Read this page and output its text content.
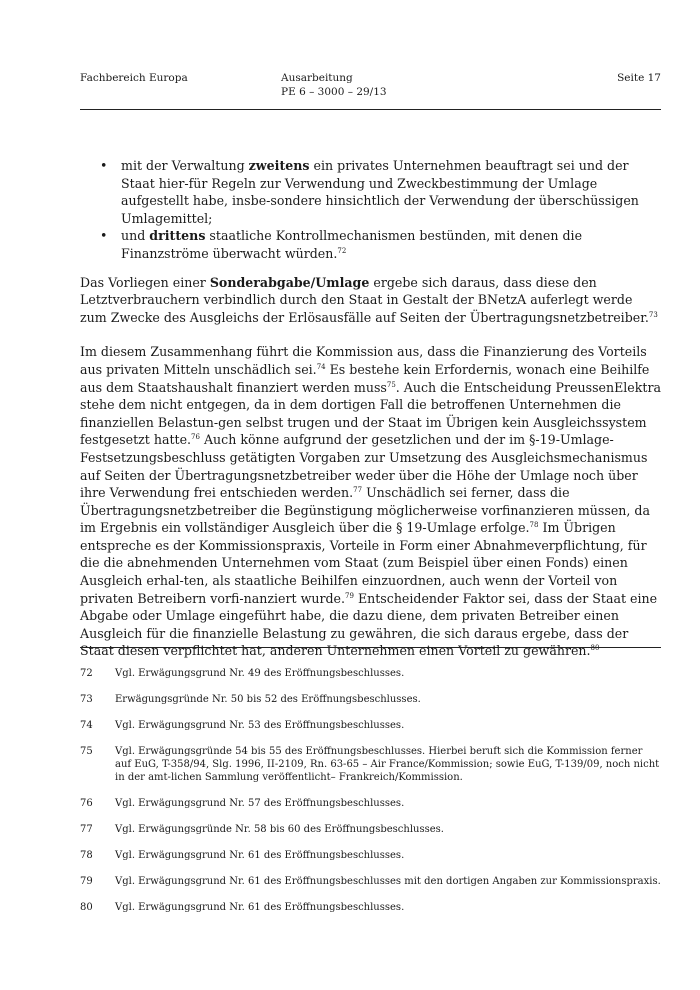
Fachbereich Europa	Ausarbeitung
PE 6 – 3000 – 29/13
Seite 17
• mit der Verwaltung zweitens ein privates Unternehmen beauftragt sei und der Staat hier-für Regeln zur Verwendung und Zweckbestimmung der Umlage aufgestellt habe, insbe-sondere hinsichtlich der Verwendung der überschüssigen Umlagemittel;
• und drittens staatliche Kontrollmechanismen bestünden, mit denen die Finanzströme überwacht würden.$^{72}$

Das Vorliegen einer Sonderabgabe/Umlage ergebe sich daraus, dass diese den Letztverbrauchern verbindlich durch den Staat in Gestalt der BNetzA auferlegt werde zum Zwecke des Ausgleichs der Erlösausfälle auf Seiten der Übertragungsnetzbetreiber.$^{73}$

Im diesem Zusammenhang führt die Kommission aus, dass die Finanzierung des Vorteils aus privaten Mitteln unschädlich sei.$^{74}$ Es bestehe kein Erfordernis, wonach eine Beihilfe aus dem Staatshaushalt finanziert werden muss$^{75}$. Auch die Entscheidung PreussenElektra stehe dem nicht entgegen, da in dem dortigen Fall die betroffenen Unternehmen die finanziellen Belastun-gen selbst trugen und der Staat im Übrigen kein Ausgleichssystem festgesetzt hatte.$^{76}$ Auch könne aufgrund der gesetzlichen und der im §-19-Umlage-Festsetzungsbeschluss getätigten Vorgaben zur Umsetzung des Ausgleichsmechanismus auf Seiten der Übertragungsnetzbetreiber weder über die Höhe der Umlage noch über ihre Verwendung frei entschieden werden.$^{77}$ Unschädlich sei ferner, dass die Übertragungsnetzbetreiber die Begünstigung möglicherweise vorfinanzieren müssen, da im Ergebnis ein vollständiger Ausgleich über die § 19-Umlage erfolge.$^{78}$ Im Übrigen entspreche es der Kommissionspraxis, Vorteile in Form einer Abnahmeverpflichtung, für die die abnehmenden Unternehmen vom Staat (zum Beispiel über einen Fonds) einen Ausgleich erhal-ten, als staatliche Beihilfen einzuordnen, auch wenn der Vorteil von privaten Betreibern vorfi-nanziert wurde.$^{79}$ Entscheidender Faktor sei, dass der Staat eine Abgabe oder Umlage eingeführt habe, die dazu diene, dem privaten Betreiber einen Ausgleich für die finanzielle Belastung zu gewähren, die sich daraus ergebe, dass der Staat diesen verpflichtet hat, anderen Unternehmen einen Vorteil zu gewähren.$^{80}$

72	Vgl. Erwägungsgrund Nr. 49 des Eröffnungsbeschlusses.
73	Erwägungsgründe Nr. 50 bis 52 des Eröffnungsbeschlusses.
74	Vgl. Erwägungsgrund Nr. 53 des Eröffnungsbeschlusses.
75	Vgl. Erwägungsgründe 54 bis 55 des Eröffnungsbeschlusses. Hierbei beruft sich die Kommission ferner auf EuG, T-358/94, Slg. 1996, II-2109, Rn. 63-65 – Air France/Kommission; sowie EuG, T-139/09, noch nicht in der amt-lichen Sammlung veröffentlicht– Frankreich/Kommission.
76	Vgl. Erwägungsgrund Nr. 57 des Eröffnungsbeschlusses.
77	Vgl. Erwägungsgründe Nr. 58 bis 60 des Eröffnungsbeschlusses.
78	Vgl. Erwägungsgrund Nr. 61 des Eröffnungsbeschlusses.
79	Vgl. Erwägungsgrund Nr. 61 des Eröffnungsbeschlusses mit den dortigen Angaben zur Kommissionspraxis.
80	Vgl. Erwägungsgrund Nr. 61 des Eröffnungsbeschlusses.
